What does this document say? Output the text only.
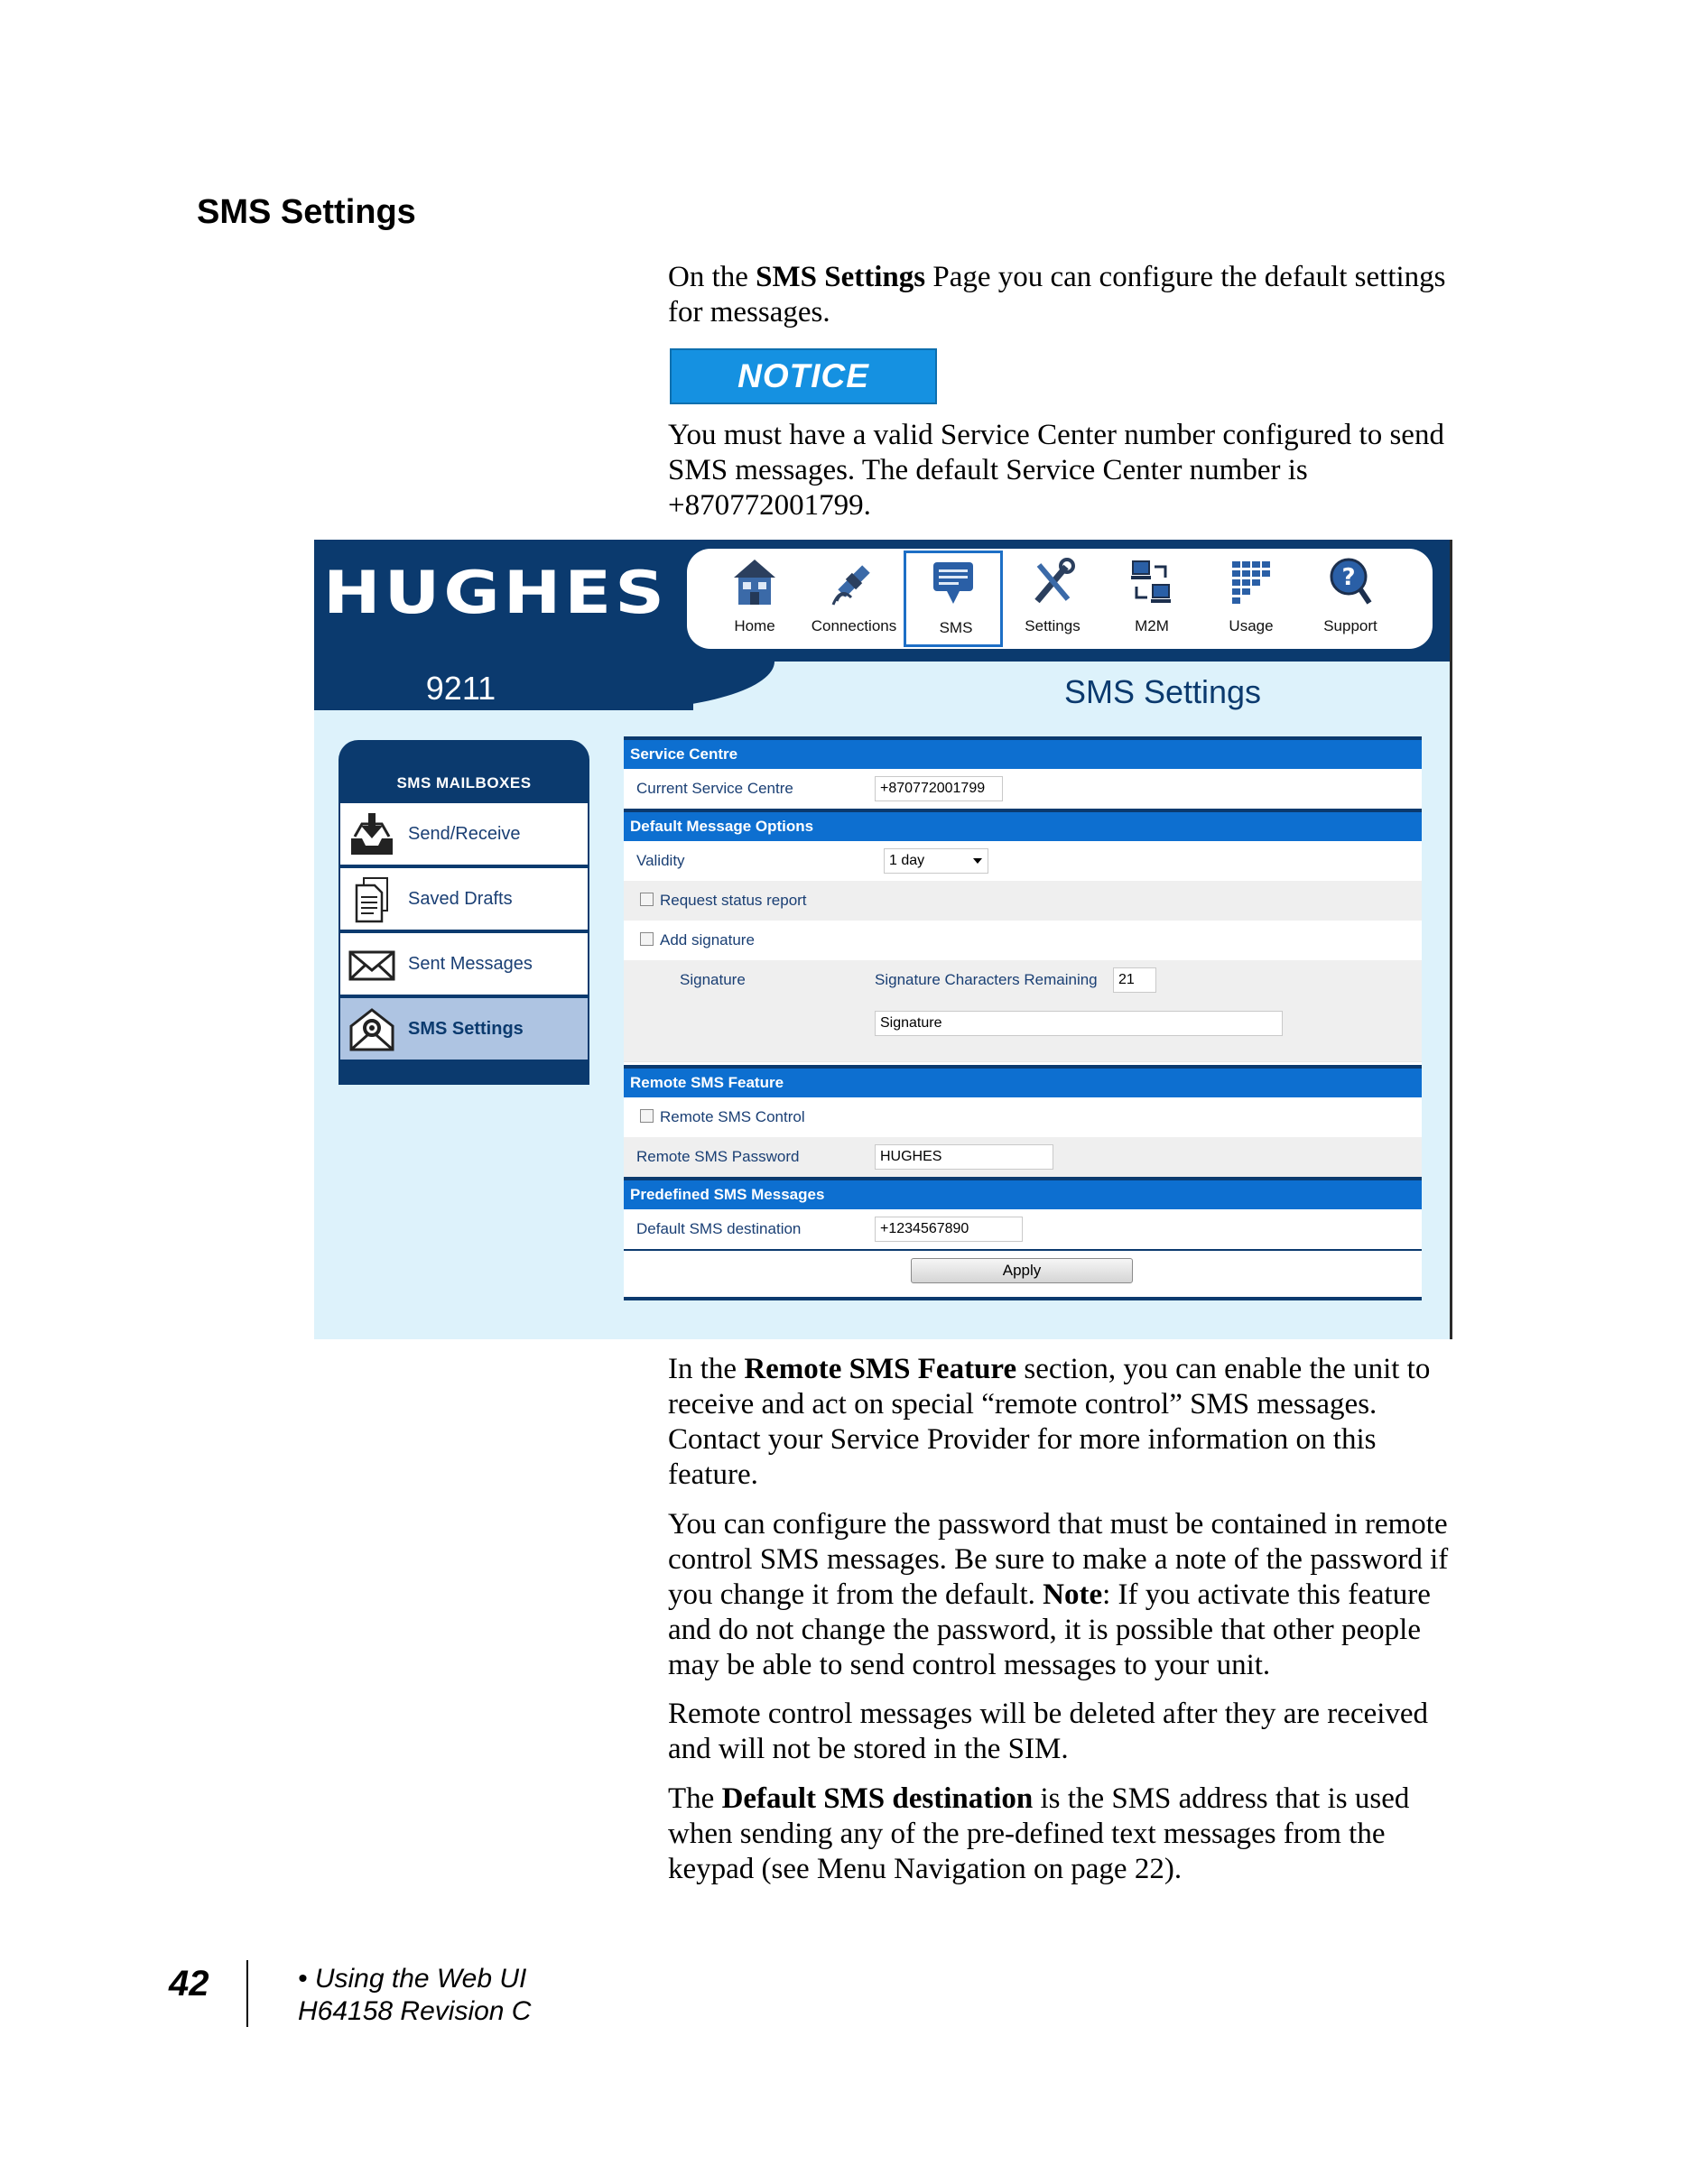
SMS Settings
On the SMS Settings Page you can configure the default settings for messages.
NOTICE
You must have a valid Service Center number configured to send SMS messages. The default Service Center number is +870772001799.
HUGHES
9211
Home	Connections	SMS	Settings	M2M	Usage
?
Support
SMS Settings
SMS MAILBOXES
Send/Receive
Saved Drafts
Sent Messages
SMS Settings
Service Centre
Current Service Centre	+870772001799
Default Message Options
Validity	1 day
Request status report
Add signature
Signature	Signature Characters Remaining	21
Signature
Remote SMS Feature
Remote SMS Control
Remote SMS Password	HUGHES
Predefined SMS Messages
Default SMS destination	+1234567890
Apply
In the Remote SMS Feature section, you can enable the unit to receive and act on special “remote control” SMS messages. Contact your Service Provider for more information on this feature.
You can configure the password that must be contained in remote control SMS messages. Be sure to make a note of the password if you change it from the default. Note: If you activate this feature and do not change the password, it is possible that other people may be able to send control messages to your unit.
Remote control messages will be deleted after they are received and will not be stored in the SIM.
The Default SMS destination is the SMS address that is used when sending any of the pre-defined text messages from the keypad (see Menu Navigation on page 22).
42	• Using the Web UI
H64158 Revision C
